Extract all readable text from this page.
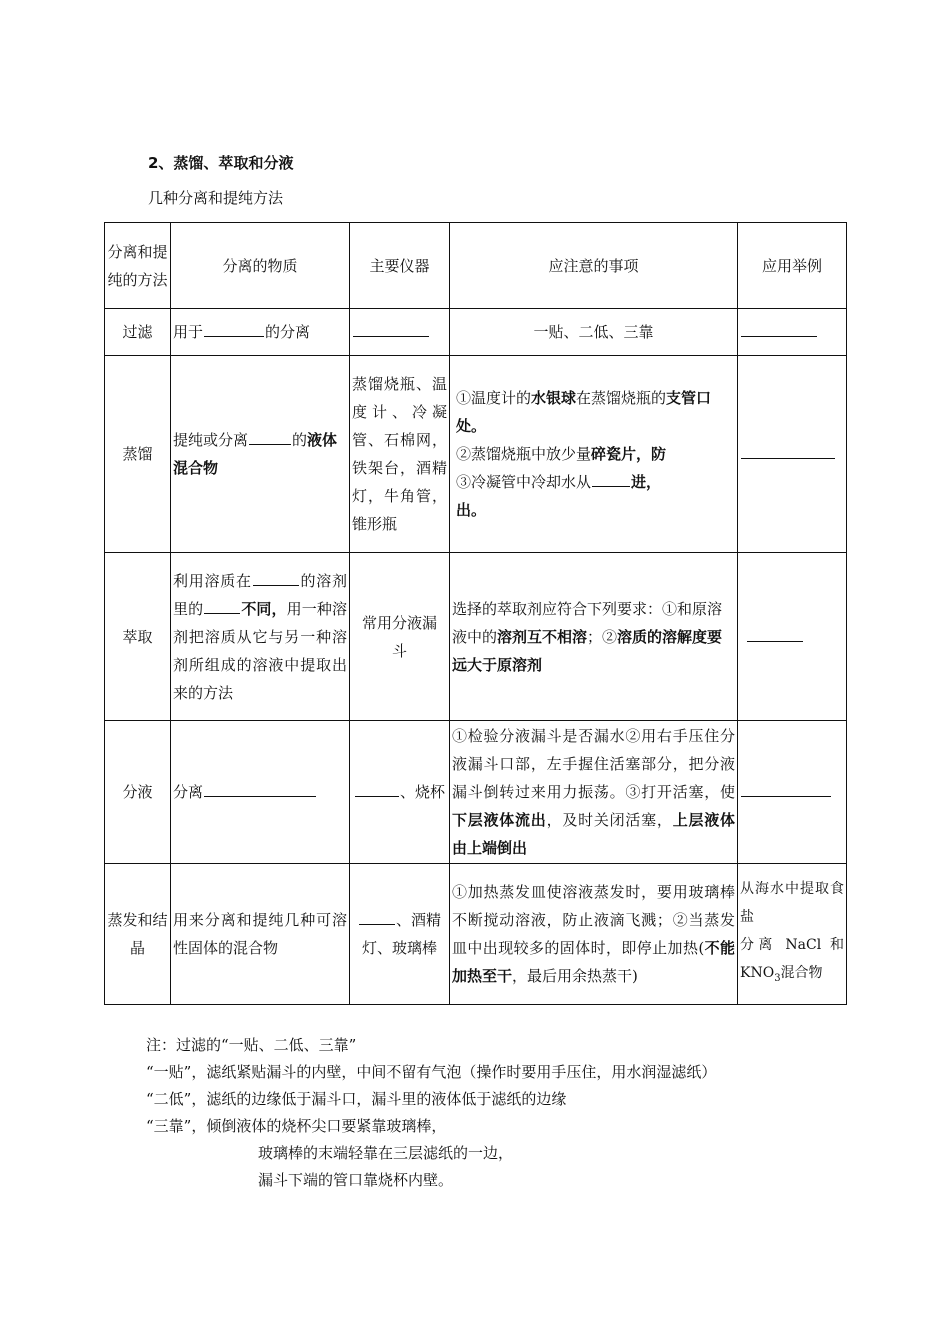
2、蒸馏、萃取和分液
几种分离和提纯方法
分离和提纯的方法	分离的物质	主要仪器	应注意的事项	应用举例
过滤	用于 的分离		一贴、二低、三靠	
蒸馏	提纯或分离 的液体混合物	蒸馏烧瓶、温度计、冷凝管、石棉网，铁架台，酒精灯，牛角管，锥形瓶	①温度计的水银球在蒸馏烧瓶的支管口处。
②蒸馏烧瓶中放少量碎瓷片，防
③冷凝管中冷却水从 进，
出。	

萃取	利用溶质在 的溶剂里的 不同，用一种溶剂把溶质从它与另一种溶剂所组成的溶液中提取出来的方法	常用分液漏斗	选择的萃取剂应符合下列要求：①和原溶液中的溶剂互不相溶；②溶质的溶解度要远大于原溶剂	
分液	分离	、烧杯	①检验分液漏斗是否漏水②用右手压住分液漏斗口部，左手握住活塞部分，把分液漏斗倒转过来用力振荡。③打开活塞，使下层液体流出，及时关闭活塞，上层液体由上端倒出	
蒸发和结晶	用来分离和提纯几种可溶性固体的混合物	、酒精灯、玻璃棒	①加热蒸发皿使溶液蒸发时，要用玻璃棒不断搅动溶液，防止液滴飞溅；②当蒸发皿中出现较多的固体时，即停止加热(不能加热至干，最后用余热蒸干)	从海水中提取食盐
分离 NaCl 和 $KNO_3$混合物
注：过滤的“一贴、二低、三靠”
“一贴”，滤纸紧贴漏斗的内壁，中间不留有气泡（操作时要用手压住，用水润湿滤纸）
“二低”，滤纸的边缘低于漏斗口，漏斗里的液体低于滤纸的边缘
“三靠”，倾倒液体的烧杯尖口要紧靠玻璃棒，
玻璃棒的末端轻靠在三层滤纸的一边，
漏斗下端的管口靠烧杯内壁。
